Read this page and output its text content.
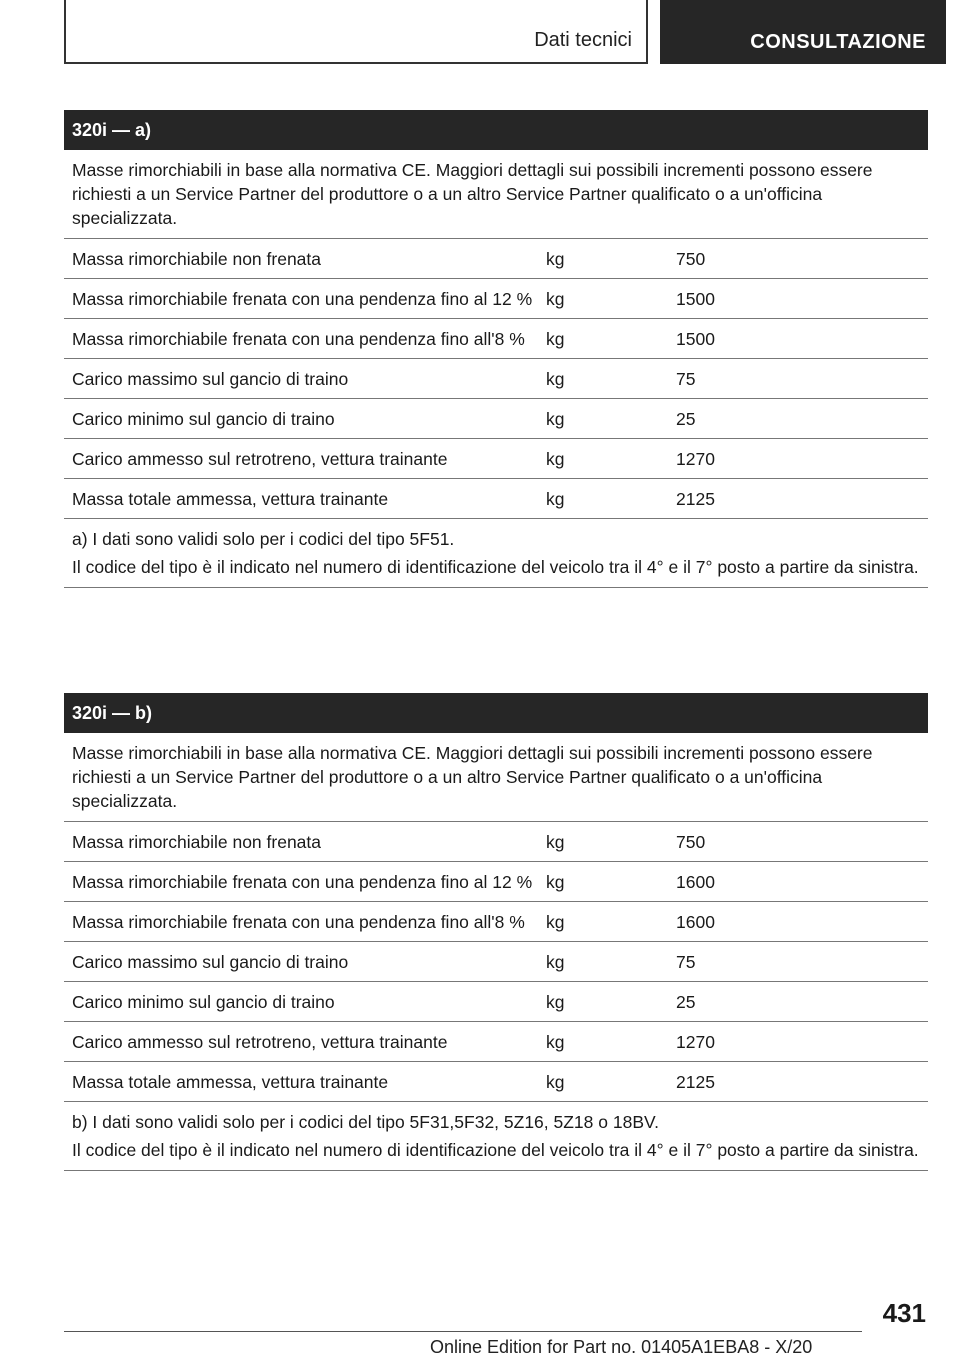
Dati tecnici	CONSULTAZIONE
320i — a)
Masse rimorchiabili in base alla normativa CE. Maggiori dettagli sui possibili incrementi possono essere richiesti a un Service Partner del produttore o a un altro Service Partner qualificato o a un'officina specializzata.
Massa rimorchiabile non frenata	kg	750
Massa rimorchiabile frenata con una pendenza fino al 12 % kg	1500
Massa rimorchiabile frenata con una pendenza fino all'8 %	kg	1500
Carico massimo sul gancio di traino	kg	75
Carico minimo sul gancio di traino	kg	25
Carico ammesso sul retrotreno, vettura trainante	kg	1270
Massa totale ammessa, vettura trainante	kg	2125

a) I dati sono validi solo per i codici del tipo 5F51.

Il codice del tipo è il indicato nel numero di identificazione del veicolo tra il 4° e il 7° posto a partire da sinistra.

320i — b)
Masse rimorchiabili in base alla normativa CE. Maggiori dettagli sui possibili incrementi possono essere richiesti a un Service Partner del produttore o a un altro Service Partner qualificato o a un'officina specializzata.
Massa rimorchiabile non frenata	kg	750
Massa rimorchiabile frenata con una pendenza fino al 12 % kg	1600
Massa rimorchiabile frenata con una pendenza fino all'8 %	kg	1600
Carico massimo sul gancio di traino	kg	75
Carico minimo sul gancio di traino	kg	25
Carico ammesso sul retrotreno, vettura trainante	kg	1270
Massa totale ammessa, vettura trainante	kg	2125

b) I dati sono validi solo per i codici del tipo 5F31,5F32, 5Z16, 5Z18 o 18BV.

Il codice del tipo è il indicato nel numero di identificazione del veicolo tra il 4° e il 7° posto a partire da sinistra.

431
Online Edition for Part no. 01405A1EBA8 - X/20
